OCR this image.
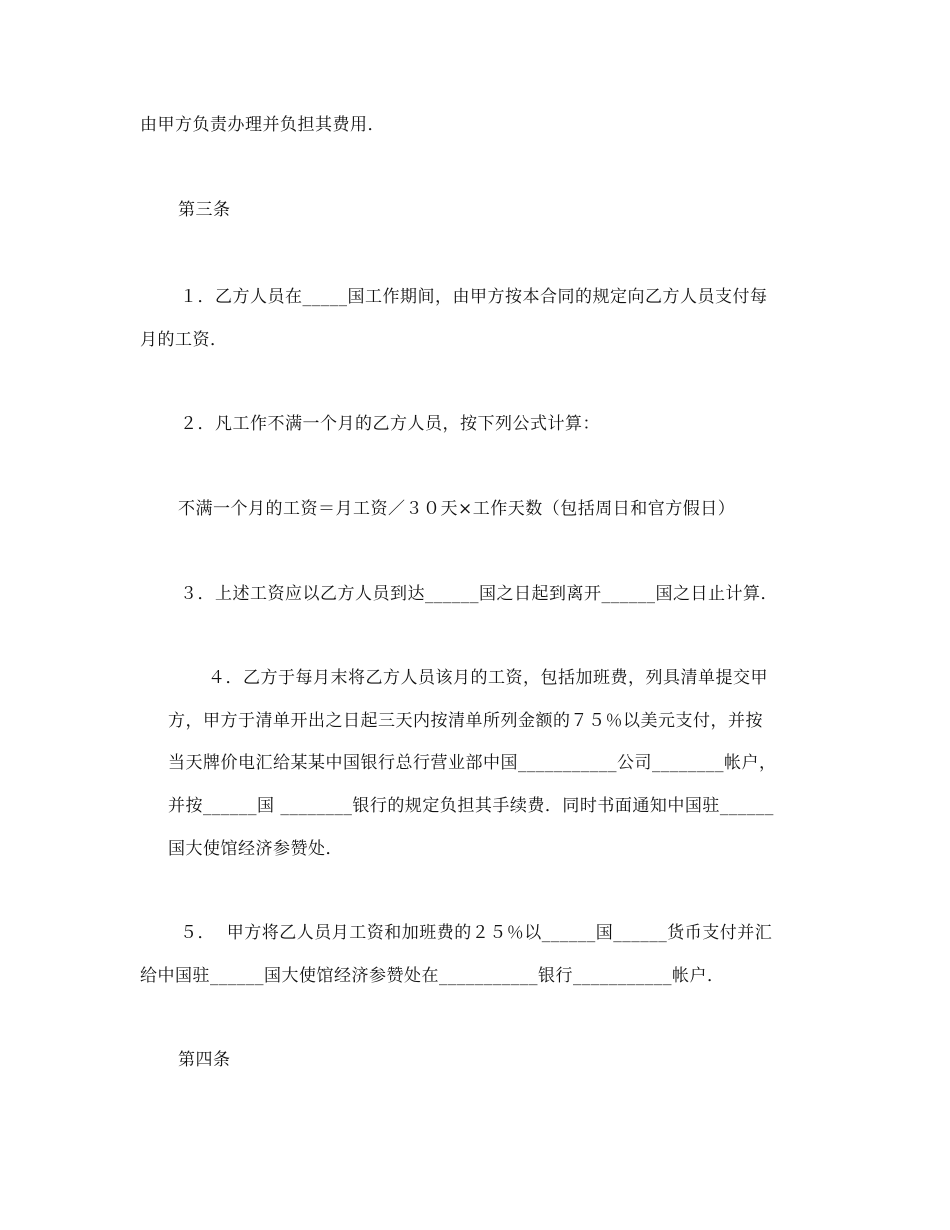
由甲方负责办理并负担其费用．
第三条
１．乙方人员在_____国工作期间，由甲方按本合同的规定向乙方人员支付每
月的工资．
２．凡工作不满一个月的乙方人员，按下列公式计算：
不满一个月的工资＝月工资／３０天×工作天数（包括周日和官方假日）
３．上述工资应以乙方人员到达______国之日起到离开______国之日止计算．
４．乙方于每月末将乙方人员该月的工资，包括加班费，列具清单提交甲
方，甲方于清单开出之日起三天内按清单所列金额的７５％以美元支付，并按
当天牌价电汇给某某中国银行总行营业部中国___________公司________帐户，
并按______国 ________银行的规定负担其手续费．同时书面通知中国驻______
国大使馆经济参赞处．
５．  甲方将乙人员月工资和加班费的２５％以______国______货币支付并汇
给中国驻______国大使馆经济参赞处在___________银行___________帐户．
第四条
